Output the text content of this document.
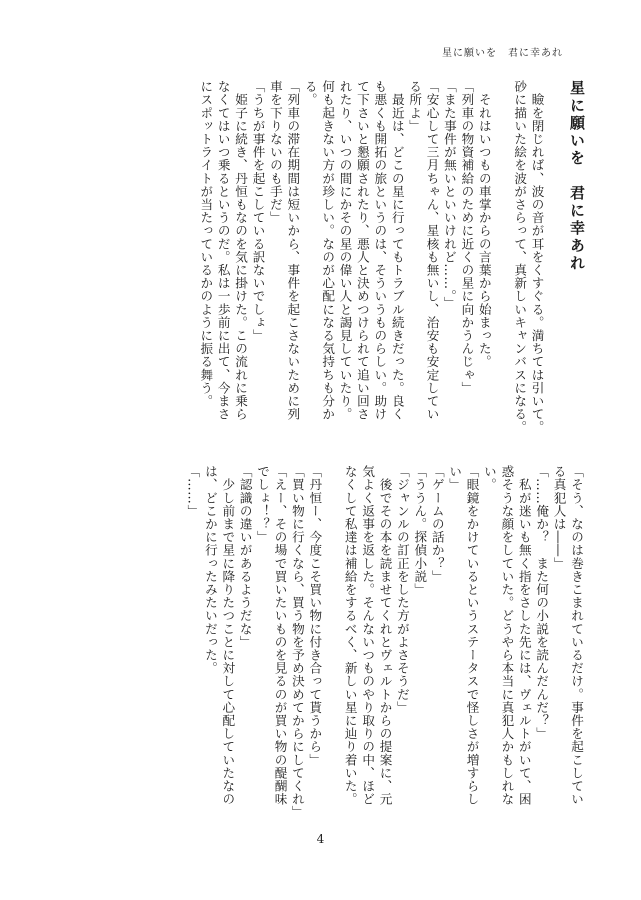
星に願いを　君に幸あれ
星に願いを　君に幸あれ
　瞼を閉じれば、波の音が耳をくすぐる。満ちては引いて。
砂に描いた絵を波がさらって、真新しいキャンバスになる。
　それはいつもの車掌からの言葉から始まった。
「列車の物資補給のために近くの星に向かうんじゃ」
「また事件が無いといいけれど……。」
「安心して三月ちゃん、星核も無いし、治安も安定してい
る所よ」
　最近は、どこの星に行ってもトラブル続きだった。良く
も悪くも開拓の旅というのは、そういうものらしい。助け
て下さいと懇願されたり、悪人と決めつけられて追い回さ
れたり、いつの間にかその星の偉い人と謁見していたり。
何も起きない方が珍しい。なのが心配になる気持ちも分か
る。
「列車の滞在期間は短いから、事件を起こさないために列
車を下りないのも手だ」
「うちが事件を起こしている訳ないでしょ」
　姫子に続き、丹恒もなのを気に掛けた。この流れに乗ら
なくてはいつ乗るというのだ。私は一歩前に出て、今まさ
にスポットライトが当たっているかのように振る舞う。
「そう、なのは巻きこまれているだけ。事件を起こしてい
る真犯人は――」
「……俺か？　また何の小説を読んだんだ？」
　私が迷いも無く指をさした先には、ヴェルトがいて、困
惑そうな顔をしていた。どうやら本当に真犯人かもしれな
い。
「眼鏡をかけているというステータスで怪しさが増すらし
い」
「ゲームの話か？」
「ううん。探偵小説」
「ジャンルの訂正をした方がよさそうだ」
　後でその本を読ませてくれとヴェルトからの提案に、元
気よく返事を返した。そんないつものやり取りの中、ほど
なくして私達は補給をするべく、新しい星に辿り着いた。
「丹恒ー、今度こそ買い物に付き合って貰うから」
「買い物に行くなら、買う物を予め決めてからにしてくれ」
「えー、その場で買いたいものを見るのが買い物の醍醐味
でしょ！？」
「認識の違いがあるようだな」
　少し前まで星に降りたつことに対して心配していたなの
は、どこかに行ったみたいだった。
「……」
4
